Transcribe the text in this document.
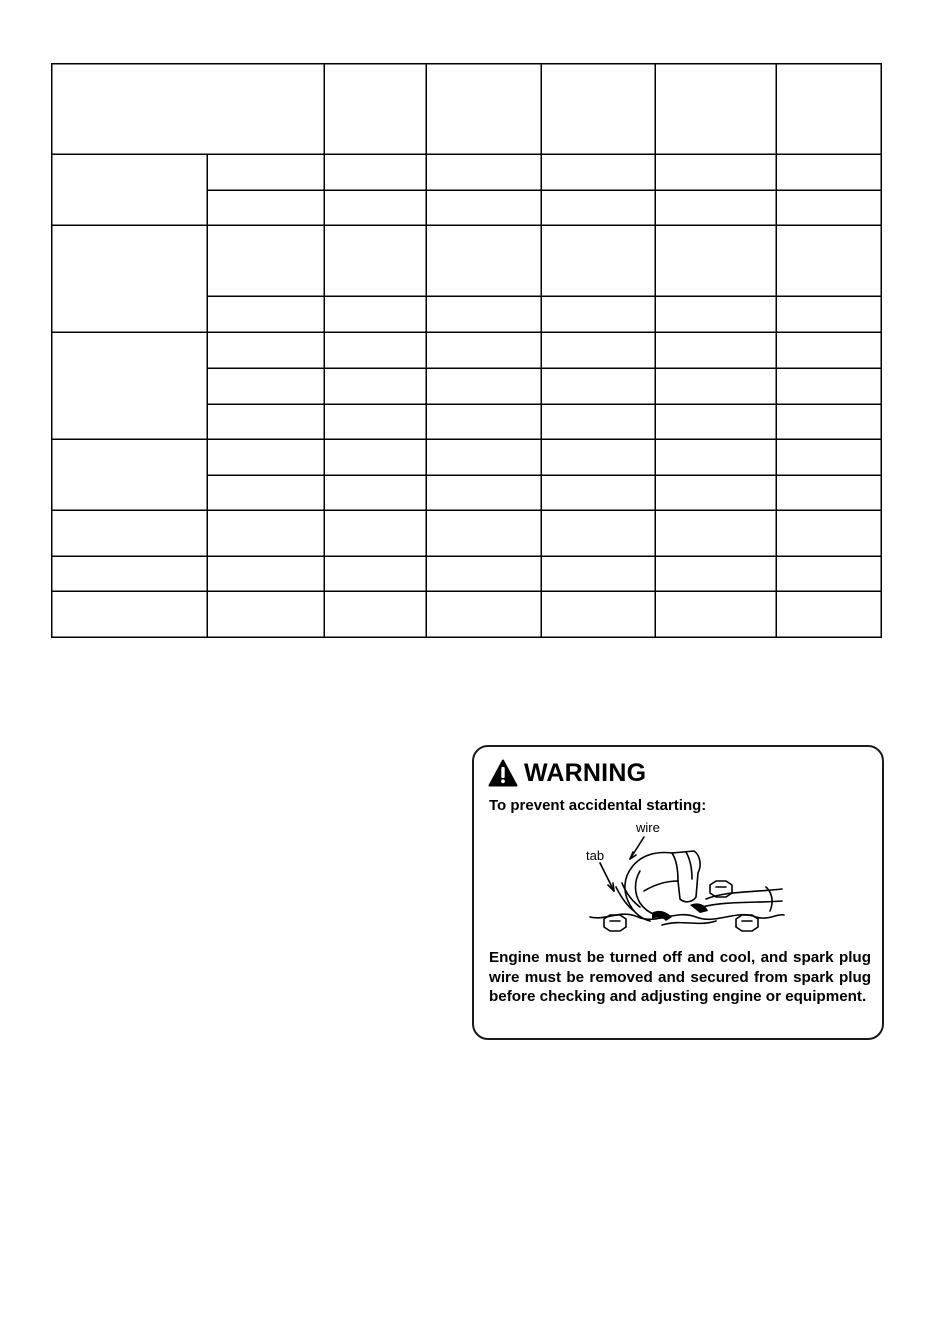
WARNING
To prevent accidental starting:
wire
tab
Engine must be turned off and cool, and spark plug wire must be removed and secured from spark plug before checking and adjusting engine or equipment.
